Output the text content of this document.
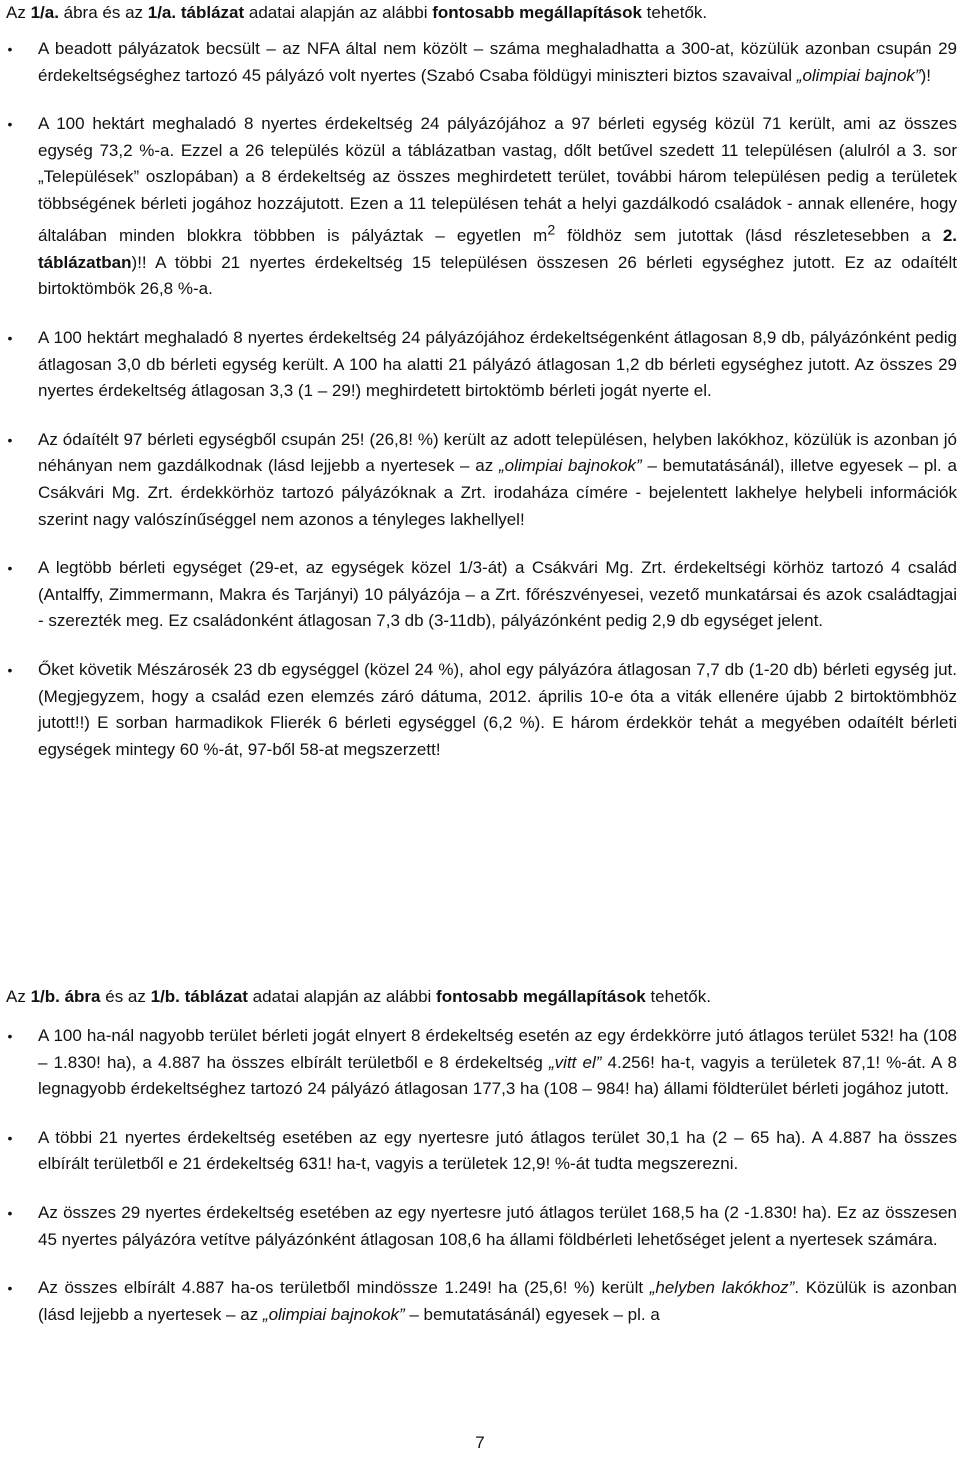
Az 1/a. ábra és az 1/a. táblázat adatai alapján az alábbi fontosabb megállapítások tehetők.

• A beadott pályázatok becsült – az NFA által nem közölt – száma meghaladhatta a 300-at, közülük azonban csupán 29 érdekeltségséghez tartozó 45 pályázó volt nyertes (Szabó Csaba földügyi miniszteri biztos szavaival „olimpiai bajnok”)!
• A 100 hektárt meghaladó 8 nyertes érdekeltség 24 pályázójához a 97 bérleti egység közül 71 került, ami az összes egység 73,2 %-a. Ezzel a 26 település közül a táblázatban vastag, dőlt betűvel szedett 11 településen (alulról a 3. sor „Települések” oszlopában) a 8 érdekeltség az összes meghirdetett terület, további három településen pedig a területek többségének bérleti jogához hozzájutott. Ezen a 11 településen tehát a helyi gazdálkodó családok - annak ellenére, hogy általában minden blokkra többben is pályáztak – egyetlen $m^2$ földhöz sem jutottak (lásd részletesebben a 2. táblázatban)!! A többi 21 nyertes érdekeltség 15 településen összesen 26 bérleti egységhez jutott. Ez az odaítélt birtoktömbök 26,8 %-a.
• A 100 hektárt meghaladó 8 nyertes érdekeltség 24 pályázójához érdekeltségenként átlagosan 8,9 db, pályázónként pedig átlagosan 3,0 db bérleti egység került. A 100 ha alatti 21 pályázó átlagosan 1,2 db bérleti egységhez jutott. Az összes 29 nyertes érdekeltség átlagosan 3,3 (1 – 29!) meghirdetett birtoktömb bérleti jogát nyerte el.
• Az ódaítélt 97 bérleti egységből csupán 25! (26,8! %) került az adott településen, helyben lakókhoz, közülük is azonban jó néhányan nem gazdálkodnak (lásd lejjebb a nyertesek – az „olimpiai bajnokok” – bemutatásánál), illetve egyesek – pl. a Csákvári Mg. Zrt. érdekkörhöz tartozó pályázóknak a Zrt. irodaháza címére - bejelentett lakhelye helybeli információk szerint nagy valószínűséggel nem azonos a tényleges lakhellyel!
• A legtöbb bérleti egységet (29-et, az egységek közel 1/3-át) a Csákvári Mg. Zrt. érdekeltségi körhöz tartozó 4 család (Antalffy, Zimmermann, Makra és Tarjányi) 10 pályázója – a Zrt. főrészvényesei, vezető munkatársai és azok családtagjai - szerezték meg. Ez családonként átlagosan 7,3 db (3-11db), pályázónként pedig 2,9 db egységet jelent.
• Őket követik Mészárosék 23 db egységgel (közel 24 %), ahol egy pályázóra átlagosan 7,7 db (1-20 db) bérleti egység jut. (Megjegyzem, hogy a család ezen elemzés záró dátuma, 2012. április 10-e óta a viták ellenére újabb 2 birtoktömbhöz jutott!!) E sorban harmadikok Flierék 6 bérleti egységgel (6,2 %). E három érdekkör tehát a megyében odaítélt bérleti egységek mintegy 60 %-át, 97-ből 58-at megszerzett!

Az 1/b. ábra és az 1/b. táblázat adatai alapján az alábbi fontosabb megállapítások tehetők.

• A 100 ha-nál nagyobb terület bérleti jogát elnyert 8 érdekeltség esetén az egy érdekkörre jutó átlagos terület 532! ha (108 – 1.830! ha), a 4.887 ha összes elbírált területből e 8 érdekeltség „vitt el” 4.256! ha-t, vagyis a területek 87,1! %-át. A 8 legnagyobb érdekeltséghez tartozó 24 pályázó átlagosan 177,3 ha (108 – 984! ha) állami földterület bérleti jogához jutott.
• A többi 21 nyertes érdekeltség esetében az egy nyertesre jutó átlagos terület 30,1 ha (2 – 65 ha). A 4.887 ha összes elbírált területből e 21 érdekeltség 631! ha-t, vagyis a területek 12,9! %-át tudta megszerezni.
• Az összes 29 nyertes érdekeltség esetében az egy nyertesre jutó átlagos terület 168,5 ha (2 -1.830! ha). Ez az összesen 45 nyertes pályázóra vetítve pályázónként átlagosan 108,6 ha állami földbérleti lehetőséget jelent a nyertesek számára.
• Az összes elbírált 4.887 ha-os területből mindössze 1.249! ha (25,6! %) került „helyben lakókhoz”. Közülük is azonban (lásd lejjebb a nyertesek – az „olimpiai bajnokok” – bemutatásánál) egyesek – pl. a
7
